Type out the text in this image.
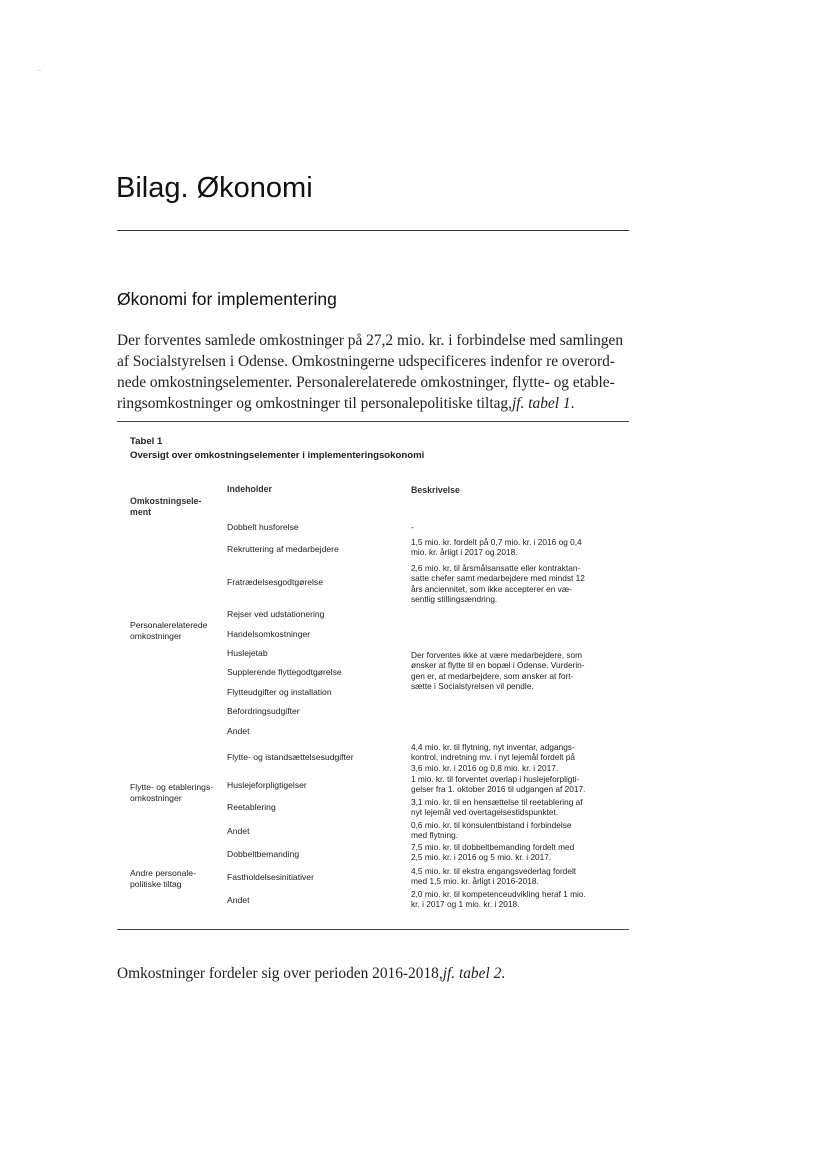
Bilag. Økonomi
Økonomi for implementering
Der forventes samlede omkostninger på 27,2 mio. kr. i forbindelse med samlingen
af Socialstyrelsen i Odense. Omkostningerne udspecificeres indenfor re overord-
nede omkostningselementer. Personalerelaterede omkostninger, flytte- og etable-
ringsomkostninger og omkostninger til personalepolitiske tiltag,jf. tabel 1.
Tabel 1
Oversigt over omkostningselementer i implementeringsokonomi
Indeholder	Beskrivelse
Omkostningsele-
ment
Personalerelaterede
omkostninger
Flytte- og etablerings-
omkostninger
Andre personale-
politiske tiltag
Dobbelt husforelse
Rekruttering af medarbejdere
Fratrædelsesgodtgørelse
Rejser ved udstationering
Handelsomkostninger
Huslejetab
Supplerende flyttegodtgørelse
Flytteudgifter og installation
Befordringsudgifter
Andet
Flytte- og istandsættelsesudgifter
Huslejeforpligtigelser
Reetablering
Andet
Dobbeltbemanding
Fastholdelsesinitiativer
Andet
-
1,5 mio. kr. fordelt på 0,7 mio. kr. i 2016 og 0,4
mio. kr. årligt i 2017 og 2018.
2,6 mio. kr. til årsmålsansatte eller kontraktan-
satte chefer samt medarbejdere med mindst 12
års anciennitet, som ikke accepterer en væ-
sentlig stillingsændring.
Der forventes ikke at være medarbejdere, som
ønsker at flytte til en bopæl i Odense. Vurderin-
gen er, at medarbejdere, som ønsker at fort-
sætte i Socialstyrelsen vil pendle.
4,4 mio. kr. til flytning, nyt inventar, adgangs-
kontrol, indretning mv. i nyt lejemål fordelt på
3,6 mio. kr. i 2016 og 0,8 mio. kr. i 2017.
1 mio. kr. til forventet overlap i huslejeforpligti-
gelser fra 1. oktober 2016 til udgangen af 2017.
3,1 mio. kr. til en hensættelse til reetablering af
nyt lejemål ved overtagelsestidspunktet.
0,6 mio. kr. til konsulentbistand i forbindelse
med flytning.
7,5 mio. kr. til dobbeltbemanding fordelt med
2,5 mio. kr. i 2016 og 5 mio. kr. i 2017.
4,5 mio. kr. til ekstra engangsvederlag fordelt
med 1,5 mio. kr. årligt i 2016-2018.
2,0 mio. kr. til kompetenceudvikling heraf 1 mio.
kr. i 2017 og 1 mio. kr. i 2018.
Omkostninger fordeler sig over perioden 2016-2018,jf. tabel 2.
